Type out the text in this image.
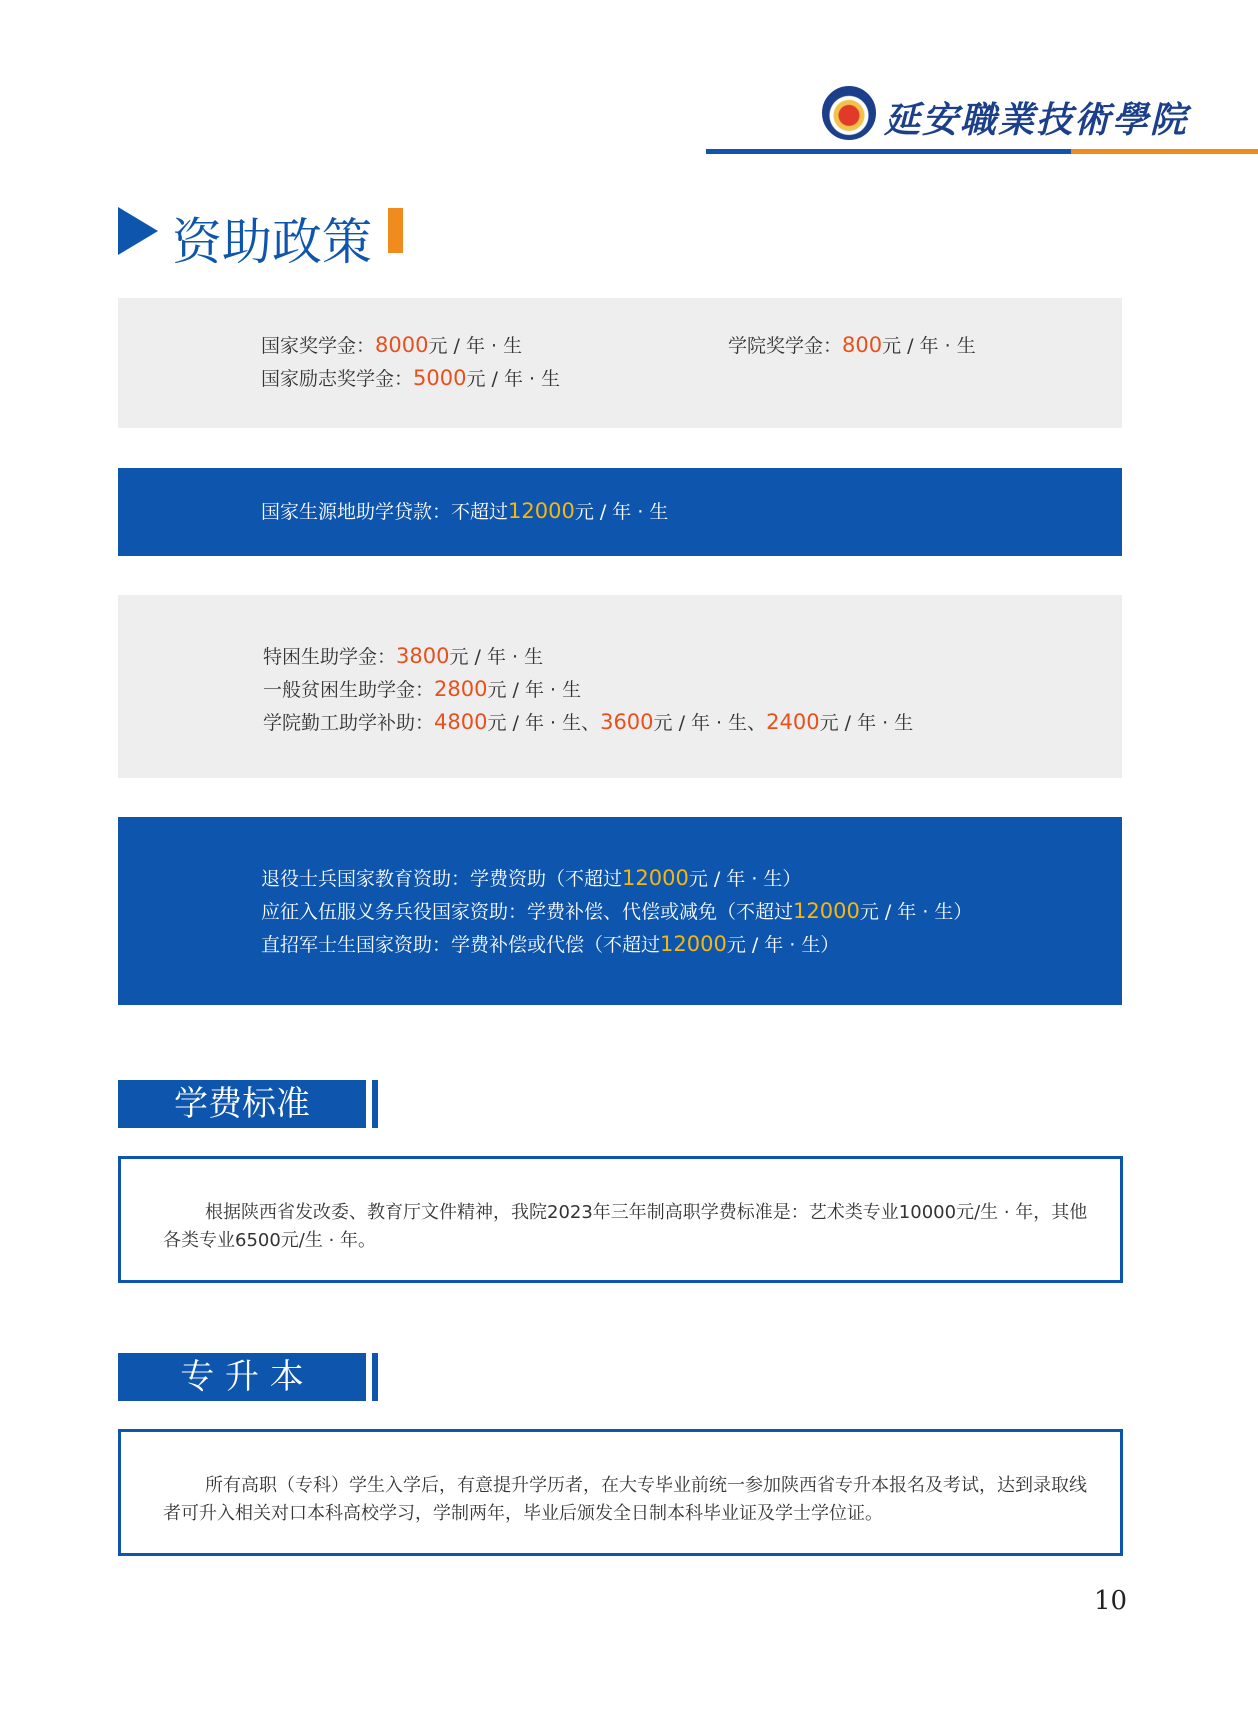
延安職業技術學院
资助政策
国家奖学金：8000元 / 年 · 生	学院奖学金：800元 / 年 · 生
国家励志奖学金：5000元 / 年 · 生
国家生源地助学贷款：不超过12000元 / 年 · 生
特困生助学金：3800元 / 年 · 生
一般贫困生助学金：2800元 / 年 · 生
学院勤工助学补助：4800元 / 年 · 生、3600元 / 年 · 生、2400元 / 年 · 生
退役士兵国家教育资助：学费资助（不超过12000元 / 年 · 生）
应征入伍服义务兵役国家资助：学费补偿、代偿或减免（不超过12000元 / 年 · 生）
直招军士生国家资助：学费补偿或代偿（不超过12000元 / 年 · 生）
学费标准
根据陕西省发改委、教育厅文件精神，我院2023年三年制高职学费标准是：艺术类专业10000元/生 · 年，其他各类专业6500元/生 · 年。
专 升 本
所有高职（专科）学生入学后，有意提升学历者，在大专毕业前统一参加陕西省专升本报名及考试，达到录取线者可升入相关对口本科高校学习，学制两年，毕业后颁发全日制本科毕业证及学士学位证。
10
